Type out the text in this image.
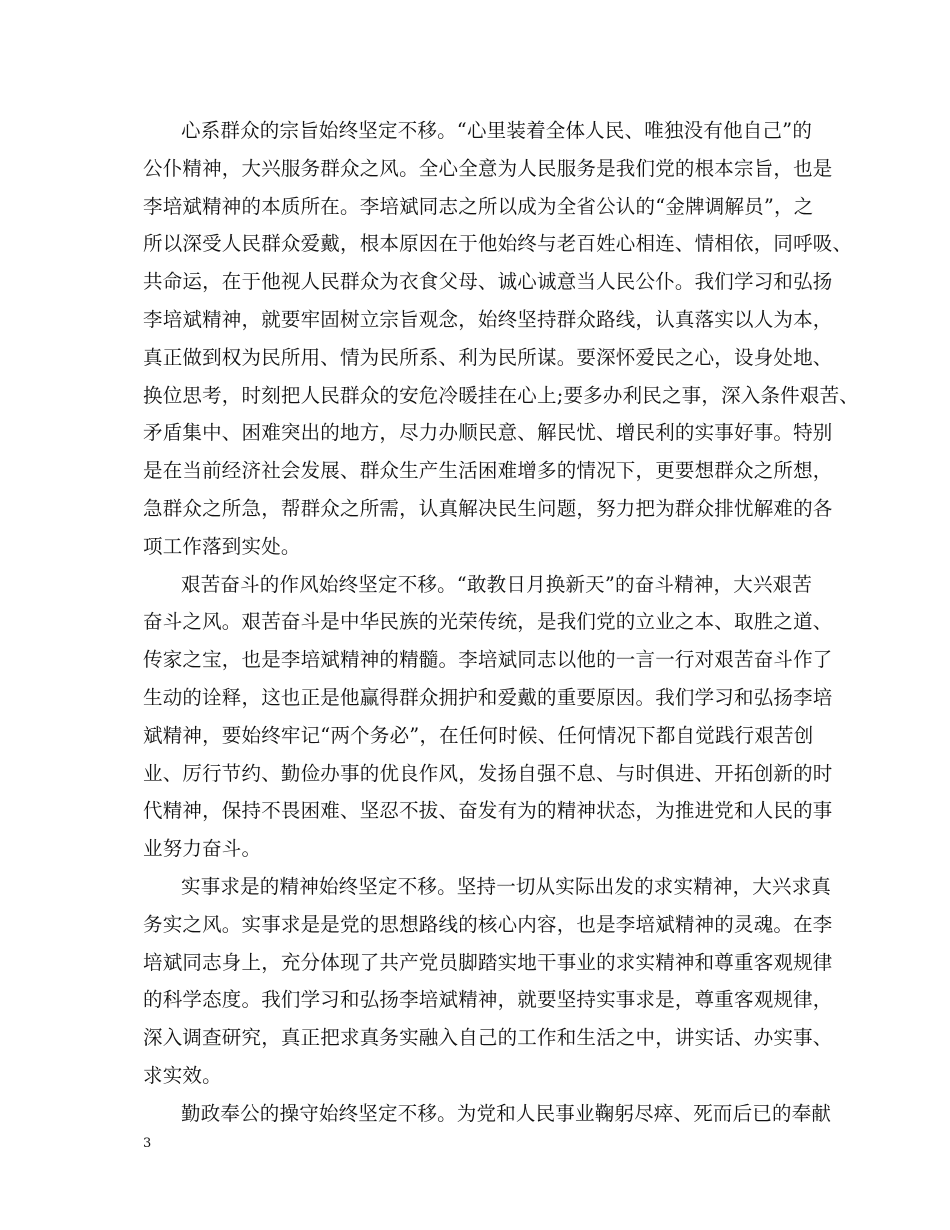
心系群众的宗旨始终坚定不移。“心里装着全体人民、唯独没有他自己”的
公仆精神，大兴服务群众之风。全心全意为人民服务是我们党的根本宗旨，也是
李培斌精神的本质所在。李培斌同志之所以成为全省公认的“金牌调解员”，之
所以深受人民群众爱戴，根本原因在于他始终与老百姓心相连、情相依，同呼吸、
共命运，在于他视人民群众为衣食父母、诚心诚意当人民公仆。我们学习和弘扬
李培斌精神，就要牢固树立宗旨观念，始终坚持群众路线，认真落实以人为本，
真正做到权为民所用、情为民所系、利为民所谋。要深怀爱民之心，设身处地、
换位思考，时刻把人民群众的安危冷暖挂在心上;要多办利民之事，深入条件艰苦、
矛盾集中、困难突出的地方，尽力办顺民意、解民忧、增民利的实事好事。特别
是在当前经济社会发展、群众生产生活困难增多的情况下，更要想群众之所想，
急群众之所急，帮群众之所需，认真解决民生问题，努力把为群众排忧解难的各
项工作落到实处。
艰苦奋斗的作风始终坚定不移。“敢教日月换新天”的奋斗精神，大兴艰苦
奋斗之风。艰苦奋斗是中华民族的光荣传统，是我们党的立业之本、取胜之道、
传家之宝，也是李培斌精神的精髓。李培斌同志以他的一言一行对艰苦奋斗作了
生动的诠释，这也正是他赢得群众拥护和爱戴的重要原因。我们学习和弘扬李培
斌精神，要始终牢记“两个务必”，在任何时候、任何情况下都自觉践行艰苦创
业、厉行节约、勤俭办事的优良作风，发扬自强不息、与时俱进、开拓创新的时
代精神，保持不畏困难、坚忍不拔、奋发有为的精神状态，为推进党和人民的事
业努力奋斗。
实事求是的精神始终坚定不移。坚持一切从实际出发的求实精神，大兴求真
务实之风。实事求是是党的思想路线的核心内容，也是李培斌精神的灵魂。在李
培斌同志身上，充分体现了共产党员脚踏实地干事业的求实精神和尊重客观规律
的科学态度。我们学习和弘扬李培斌精神，就要坚持实事求是，尊重客观规律，
深入调查研究，真正把求真务实融入自己的工作和生活之中，讲实话、办实事、
求实效。
勤政奉公的操守始终坚定不移。为党和人民事业鞠躬尽瘁、死而后已的奉献
3
